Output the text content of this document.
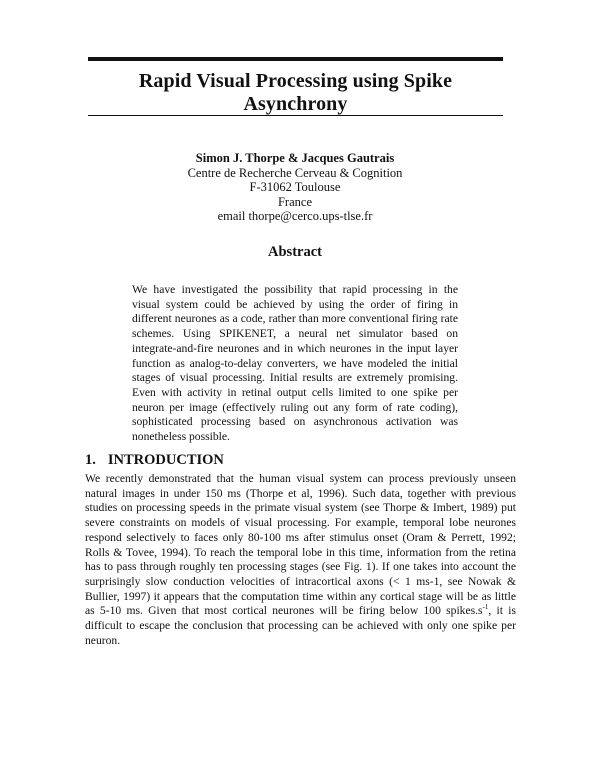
Rapid Visual Processing using Spike Asynchrony
Simon J. Thorpe & Jacques Gautrais
Centre de Recherche Cerveau & Cognition
F-31062 Toulouse
France
email thorpe@cerco.ups-tlse.fr
Abstract
We have investigated the possibility that rapid processing in the visual system could be achieved by using the order of firing in different neurones as a code, rather than more conventional firing rate schemes. Using SPIKENET, a neural net simulator based on integrate-and-fire neurones and in which neurones in the input layer function as analog-to-delay converters, we have modeled the initial stages of visual processing. Initial results are extremely promising. Even with activity in retinal output cells limited to one spike per neuron per image (effectively ruling out any form of rate coding), sophisticated processing based on asynchronous activation was nonetheless possible.
1. INTRODUCTION
We recently demonstrated that the human visual system can process previously unseen natural images in under 150 ms (Thorpe et al, 1996). Such data, together with previous studies on processing speeds in the primate visual system (see Thorpe & Imbert, 1989) put severe constraints on models of visual processing. For example, temporal lobe neurones respond selectively to faces only 80-100 ms after stimulus onset (Oram & Perrett, 1992; Rolls & Tovee, 1994). To reach the temporal lobe in this time, information from the retina has to pass through roughly ten processing stages (see Fig. 1). If one takes into account the surprisingly slow conduction velocities of intracortical axons (< 1 ms-1, see Nowak & Bullier, 1997) it appears that the computation time within any cortical stage will be as little as 5-10 ms. Given that most cortical neurones will be firing below 100 $spikes.s^{-1}$, it is difficult to escape the conclusion that processing can be achieved with only one spike per neuron.
